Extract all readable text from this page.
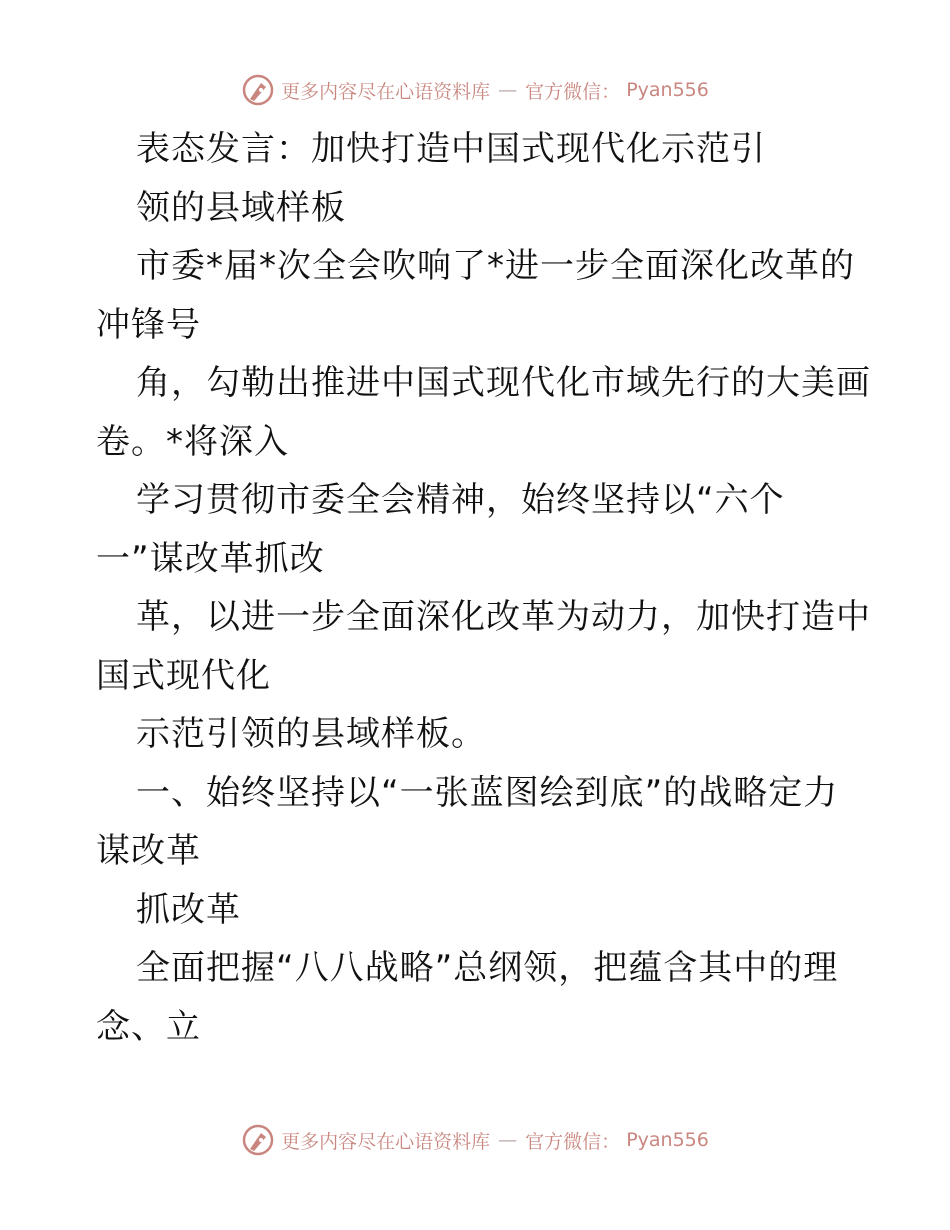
更多内容尽在心语资料库 — 官方微信： Pyan556
表态发言：加快打造中国式现代化示范引
领的县域样板
市委*届*次全会吹响了*进一步全面深化改革的
冲锋号
角，勾勒出推进中国式现代化市域先行的大美画
卷。*将深入
学习贯彻市委全会精神，始终坚持以“六个
一”谋改革抓改
革，以进一步全面深化改革为动力，加快打造中
国式现代化
示范引领的县域样板。
一、始终坚持以“一张蓝图绘到底”的战略定力
谋改革
抓改革
全面把握“八八战略”总纲领，把蕴含其中的理
念、立
更多内容尽在心语资料库 — 官方微信： Pyan556
